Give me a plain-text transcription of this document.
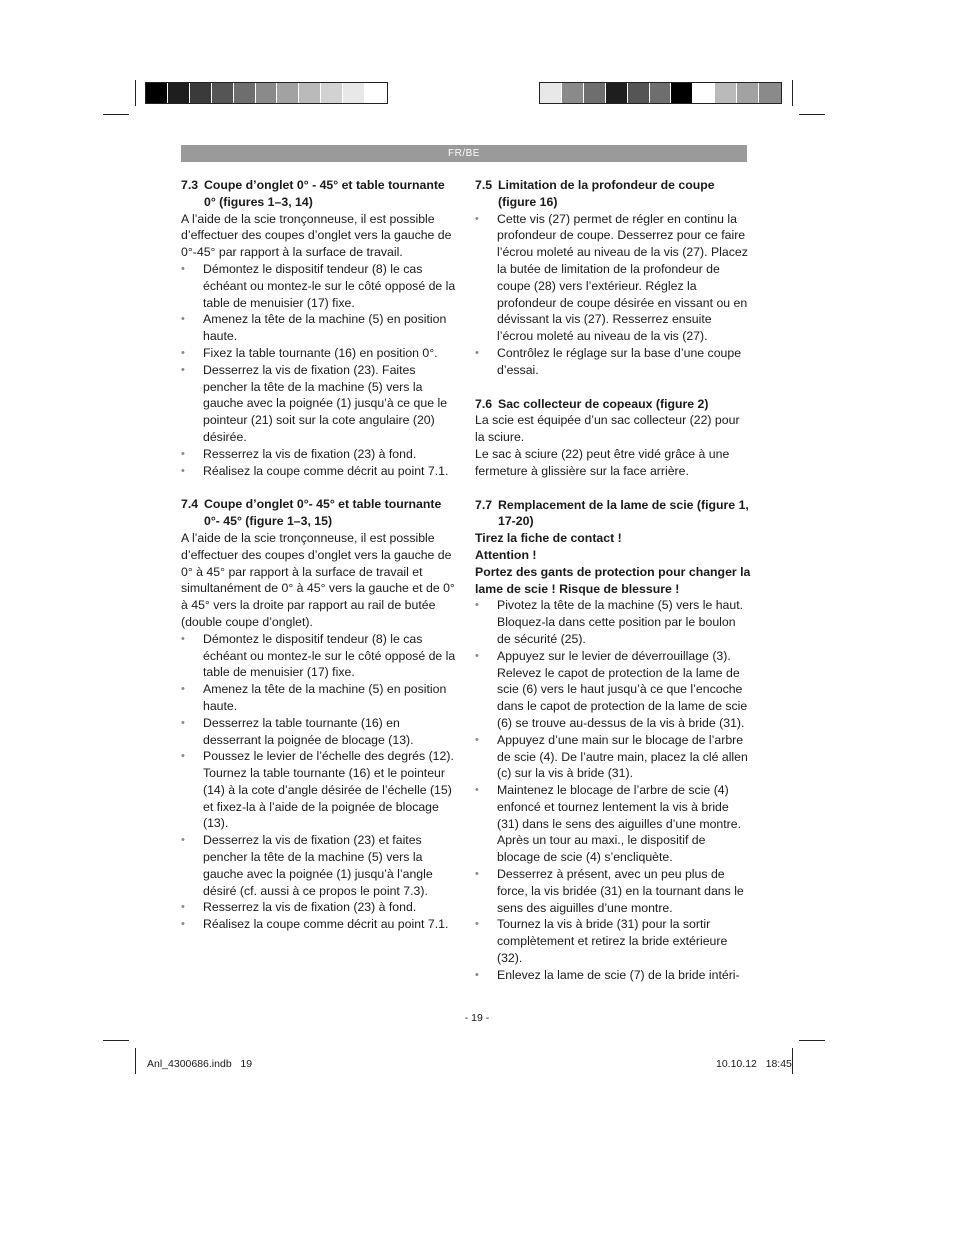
FR/BE
7.3 Coupe d’onglet 0° - 45° et table tournante 0° (figures 1–3, 14)

A l’aide de la scie tronçonneuse, il est possible d’effectuer des coupes d’onglet vers la gauche de 0°-45° par rapport à la surface de travail.

• Démontez le dispositif tendeur (8) le cas échéant ou montez-le sur le côté opposé de la table de menuisier (17) fixe.
• Amenez la tête de la machine (5) en position haute.
• Fixez la table tournante (16) en position 0°.
• Desserrez la vis de fixation (23). Faites pencher la tête de la machine (5) vers la gauche avec la poignée (1) jusqu’à ce que le pointeur (21) soit sur la cote angulaire (20) désirée.
• Resserrez la vis de fixation (23) à fond.
• Réalisez la coupe comme décrit au point 7.1.
7.4 Coupe d’onglet 0°- 45° et table tournante 0°- 45° (figure 1–3, 15)

A l’aide de la scie tronçonneuse, il est possible d’effectuer des coupes d’onglet vers la gauche de 0° à 45° par rapport à la surface de travail et simultanément de 0° à 45° vers la gauche et de 0° à 45° vers la droite par rapport au rail de butée (double coupe d’onglet).

• Démontez le dispositif tendeur (8) le cas échéant ou montez-le sur le côté opposé de la table de menuisier (17) fixe.
• Amenez la tête de la machine (5) en position haute.
• Desserrez la table tournante (16) en desserrant la poignée de blocage (13).
• Poussez le levier de l’échelle des degrés (12). Tournez la table tournante (16) et le pointeur (14) à la cote d’angle désirée de l’échelle (15) et fixez-la à l’aide de la poignée de blocage (13).
• Desserrez la vis de fixation (23) et faites pencher la tête de la machine (5) vers la gauche avec la poignée (1) jusqu’à l’angle désiré (cf. aussi à ce propos le point 7.3).
• Resserrez la vis de fixation (23) à fond.
• Réalisez la coupe comme décrit au point 7.1.
7.5 Limitation de la profondeur de coupe (figure 16)
• Cette vis (27) permet de régler en continu la profondeur de coupe. Desserrez pour ce faire l’écrou moleté au niveau de la vis (27). Placez la butée de limitation de la profondeur de coupe (28) vers l’extérieur. Réglez la profondeur de coupe désirée en vissant ou en dévissant la vis (27). Resserrez ensuite l’écrou moleté au niveau de la vis (27).
• Contrôlez le réglage sur la base d’une coupe d’essai.
7.6 Sac collecteur de copeaux (figure 2)

La scie est équipée d’un sac collecteur (22) pour la sciure.

Le sac à sciure (22) peut être vidé grâce à une fermeture à glissière sur la face arrière.

7.7 Remplacement de la lame de scie (figure 1, 17-20)

Tirez la fiche de contact !

Attention !

Portez des gants de protection pour changer la lame de scie ! Risque de blessure !

• Pivotez la tête de la machine (5) vers le haut. Bloquez-la dans cette position par le boulon de sécurité (25).
• Appuyez sur le levier de déverrouillage (3). Relevez le capot de protection de la lame de scie (6) vers le haut jusqu’à ce que l’encoche dans le capot de protection de la lame de scie (6) se trouve au-dessus de la vis à bride (31).
• Appuyez d’une main sur le blocage de l’arbre de scie (4). De l’autre main, placez la clé allen (c) sur la vis à bride (31).
• Maintenez le blocage de l’arbre de scie (4) enfoncé et tournez lentement la vis à bride (31) dans le sens des aiguilles d’une montre. Après un tour au maxi., le dispositif de blocage de scie (4) s’encliquète.
• Desserrez à présent, avec un peu plus de force, la vis bridée (31) en la tournant dans le sens des aiguilles d’une montre.
• Tournez la vis à bride (31) pour la sortir complètement et retirez la bride extérieure (32).
• Enlevez la lame de scie (7) de la bride intéri-
- 19 -
Anl_4300686.indb   19	10.10.12   18:45
